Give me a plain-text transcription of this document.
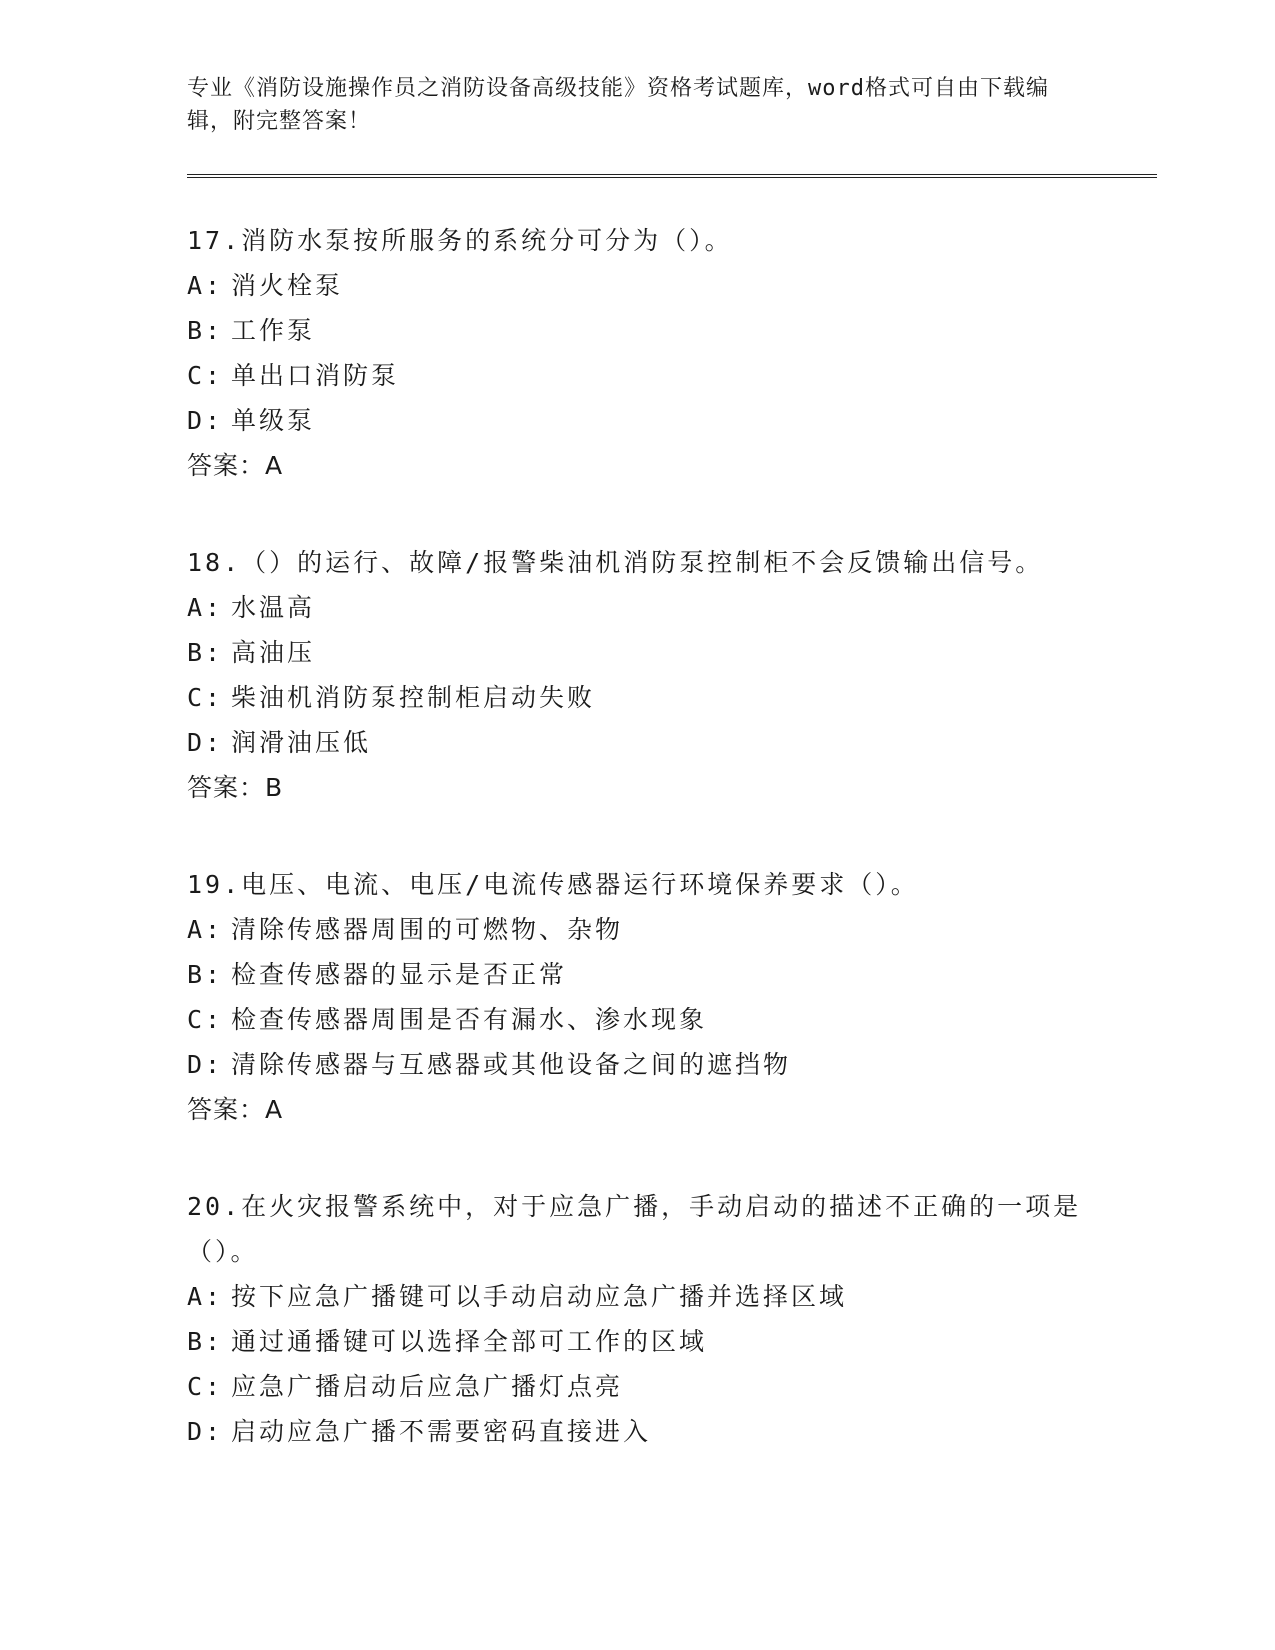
专业《消防设施操作员之消防设备高级技能》资格考试题库，word格式可自由下载编辑，附完整答案！
17.消防水泵按所服务的系统分可分为（）。
A: 消火栓泵
B: 工作泵
C: 单出口消防泵
D: 单级泵
答案：A
18.（）的运行、故障/报警柴油机消防泵控制柜不会反馈输出信号。
A: 水温高
B: 高油压
C: 柴油机消防泵控制柜启动失败
D: 润滑油压低
答案：B
19.电压、电流、电压/电流传感器运行环境保养要求（）。
A: 清除传感器周围的可燃物、杂物
B: 检查传感器的显示是否正常
C: 检查传感器周围是否有漏水、渗水现象
D: 清除传感器与互感器或其他设备之间的遮挡物
答案：A
20.在火灾报警系统中，对于应急广播，手动启动的描述不正确的一项是（）。
A: 按下应急广播键可以手动启动应急广播并选择区域
B: 通过通播键可以选择全部可工作的区域
C: 应急广播启动后应急广播灯点亮
D: 启动应急广播不需要密码直接进入
